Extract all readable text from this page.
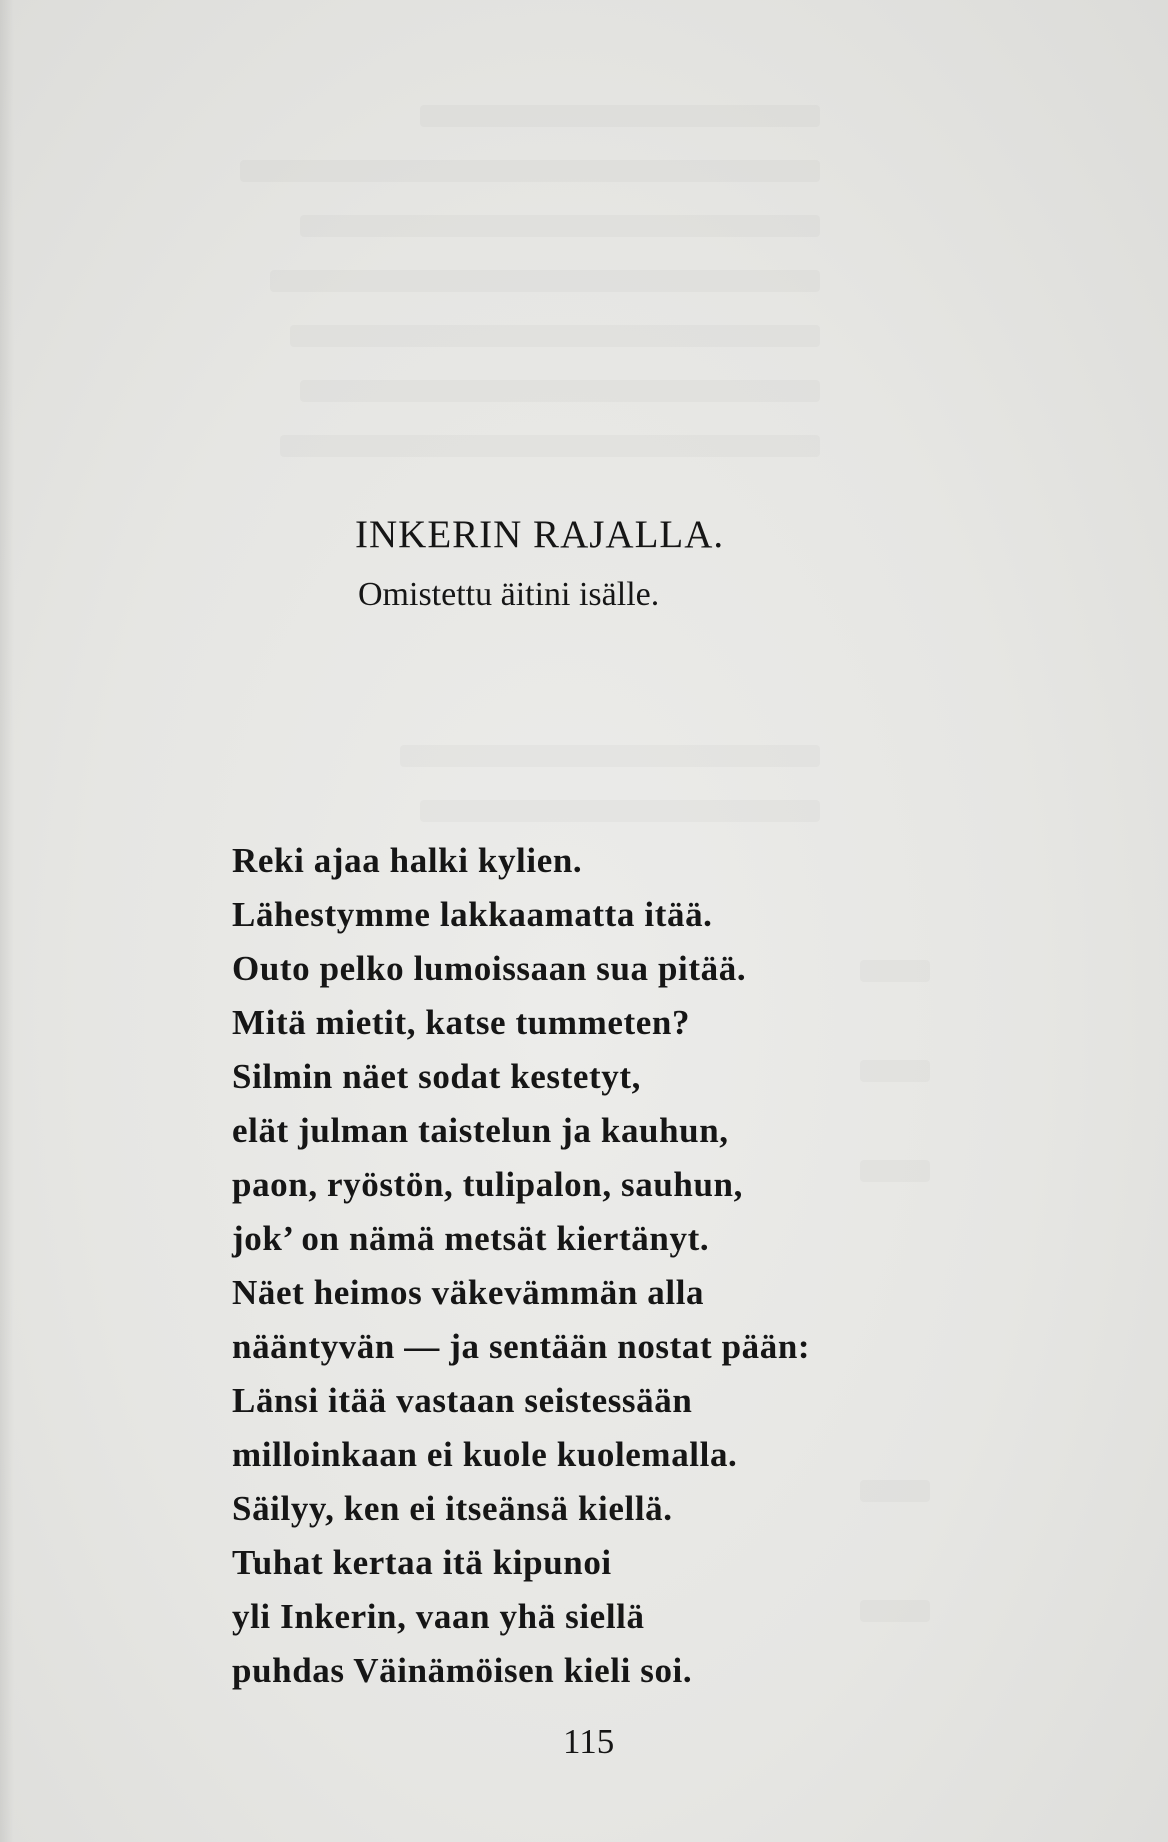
INKERIN RAJALLA.
Omistettu äitini isälle.
Reki ajaa halki kylien.
Lähestymme lakkaamatta itää.
Outo pelko lumoissaan sua pitää.
Mitä mietit, katse tummeten?
Silmin näet sodat kestetyt,
elät julman taistelun ja kauhun,
paon, ryöstön, tulipalon, sauhun,
jok’ on nämä metsät kiertänyt.
Näet heimos väkevämmän alla
nääntyvän — ja sentään nostat pään:
Länsi itää vastaan seistessään
milloinkaan ei kuole kuolemalla.
Säilyy, ken ei itseänsä kiellä.
Tuhat kertaa itä kipunoi
yli Inkerin, vaan yhä siellä
puhdas Väinämöisen kieli soi.
115
